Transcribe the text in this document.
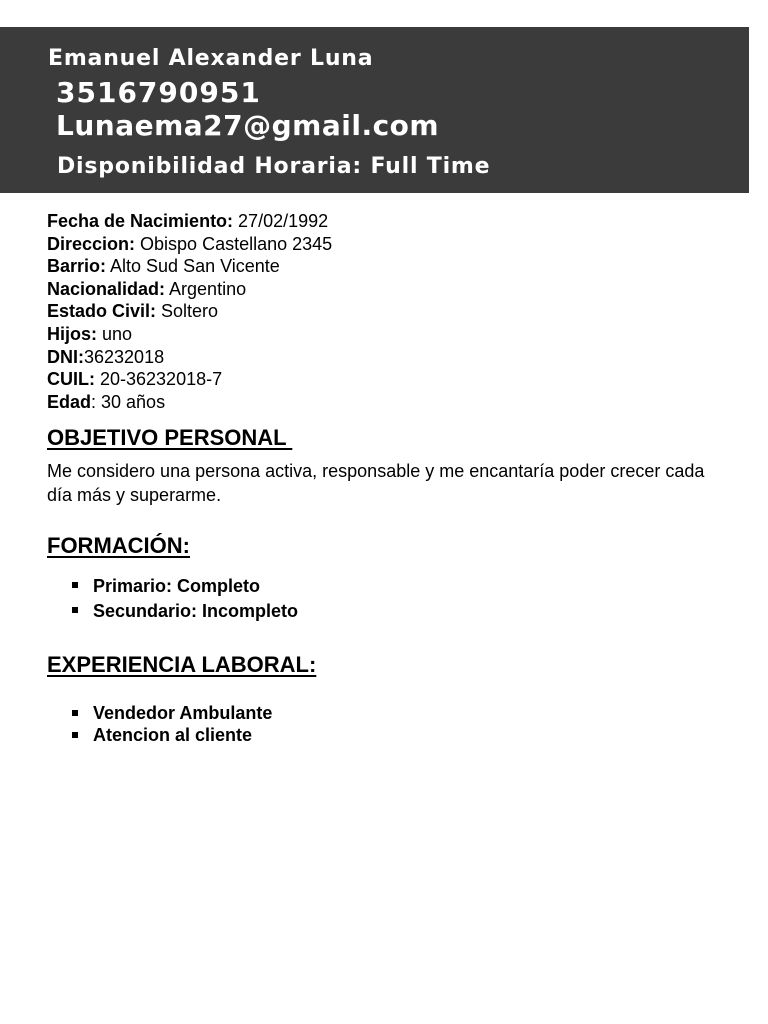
Emanuel Alexander Luna
3516790951
Lunaema27@gmail.com
Disponibilidad Horaria: Full Time
Fecha de Nacimiento: 27/02/1992
Direccion: Obispo Castellano 2345
Barrio: Alto Sud San Vicente
Nacionalidad: Argentino
Estado Civil: Soltero
Hijos: uno
DNI:36232018
CUIL: 20-36232018-7
Edad: 30 años
OBJETIVO PERSONAL
Me considero una persona activa, responsable y me encantaría poder crecer cada día más y superarme.
FORMACIÓN:
Primario: Completo
Secundario: Incompleto
EXPERIENCIA LABORAL:
Vendedor Ambulante
Atencion al cliente
